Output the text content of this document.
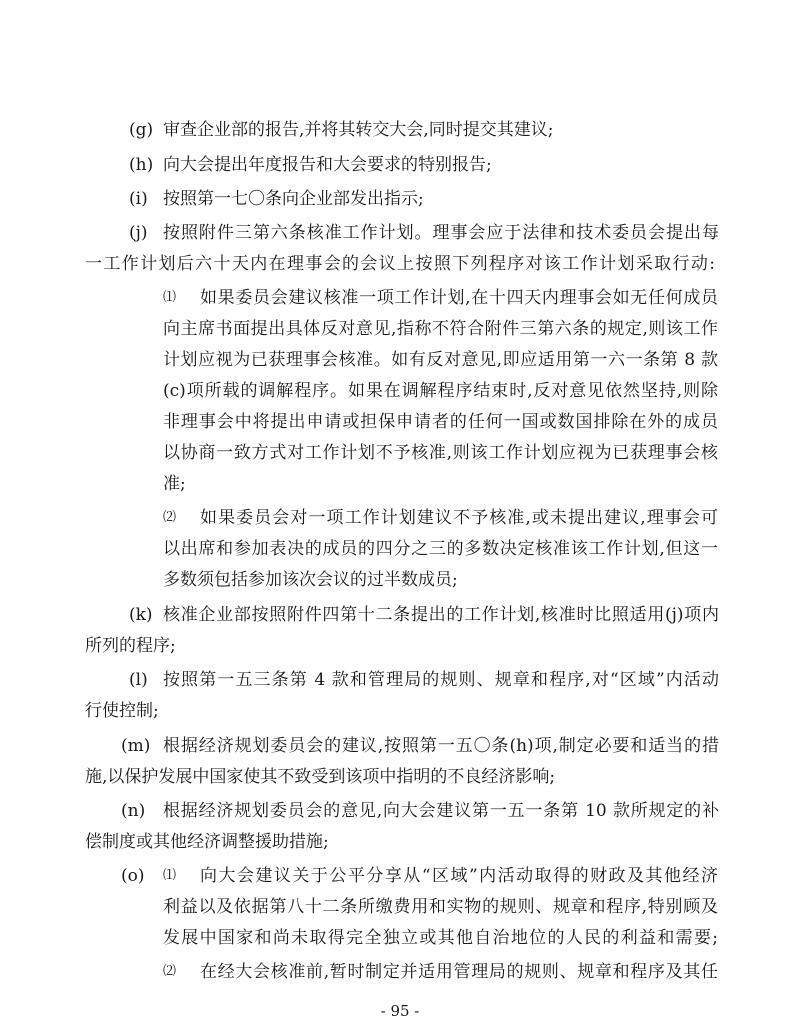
(g) 审查企业部的报告,并将其转交大会,同时提交其建议;
(h) 向大会提出年度报告和大会要求的特别报告;
(i) 按照第一七〇条向企业部发出指示;
(j) 按照附件三第六条核准工作计划。理事会应于法律和技术委员会提出每
一工作计划后六十天内在理事会的会议上按照下列程序对该工作计划采取行动:
⑴ 如果委员会建议核准一项工作计划,在十四天内理事会如无任何成员
向主席书面提出具体反对意见,指称不符合附件三第六条的规定,则该工作
计划应视为已获理事会核准。如有反对意见,即应适用第一六一条第 8 款
(c)项所载的调解程序。如果在调解程序结束时,反对意见依然坚持,则除
非理事会中将提出申请或担保申请者的任何一国或数国排除在外的成员
以协商一致方式对工作计划不予核准,则该工作计划应视为已获理事会核
准;
⑵ 如果委员会对一项工作计划建议不予核准,或未提出建议,理事会可
以出席和参加表决的成员的四分之三的多数决定核准该工作计划,但这一
多数须包括参加该次会议的过半数成员;
(k) 核准企业部按照附件四第十二条提出的工作计划,核准时比照适用(j)项内
所列的程序;
(l) 按照第一五三条第 4 款和管理局的规则、规章和程序,对“区域”内活动
行使控制;
(m) 根据经济规划委员会的建议,按照第一五〇条(h)项,制定必要和适当的措
施,以保护发展中国家使其不致受到该项中指明的不良经济影响;
(n) 根据经济规划委员会的意见,向大会建议第一五一条第 10 款所规定的补
偿制度或其他经济调整援助措施;
(o) ⑴ 向大会建议关于公平分享从“区域”内活动取得的财政及其他经济
利益以及依据第八十二条所缴费用和实物的规则、规章和程序,特别顾及
发展中国家和尚未取得完全独立或其他自治地位的人民的利益和需要;
⑵ 在经大会核准前,暂时制定并适用管理局的规则、规章和程序及其任
- 95 -
